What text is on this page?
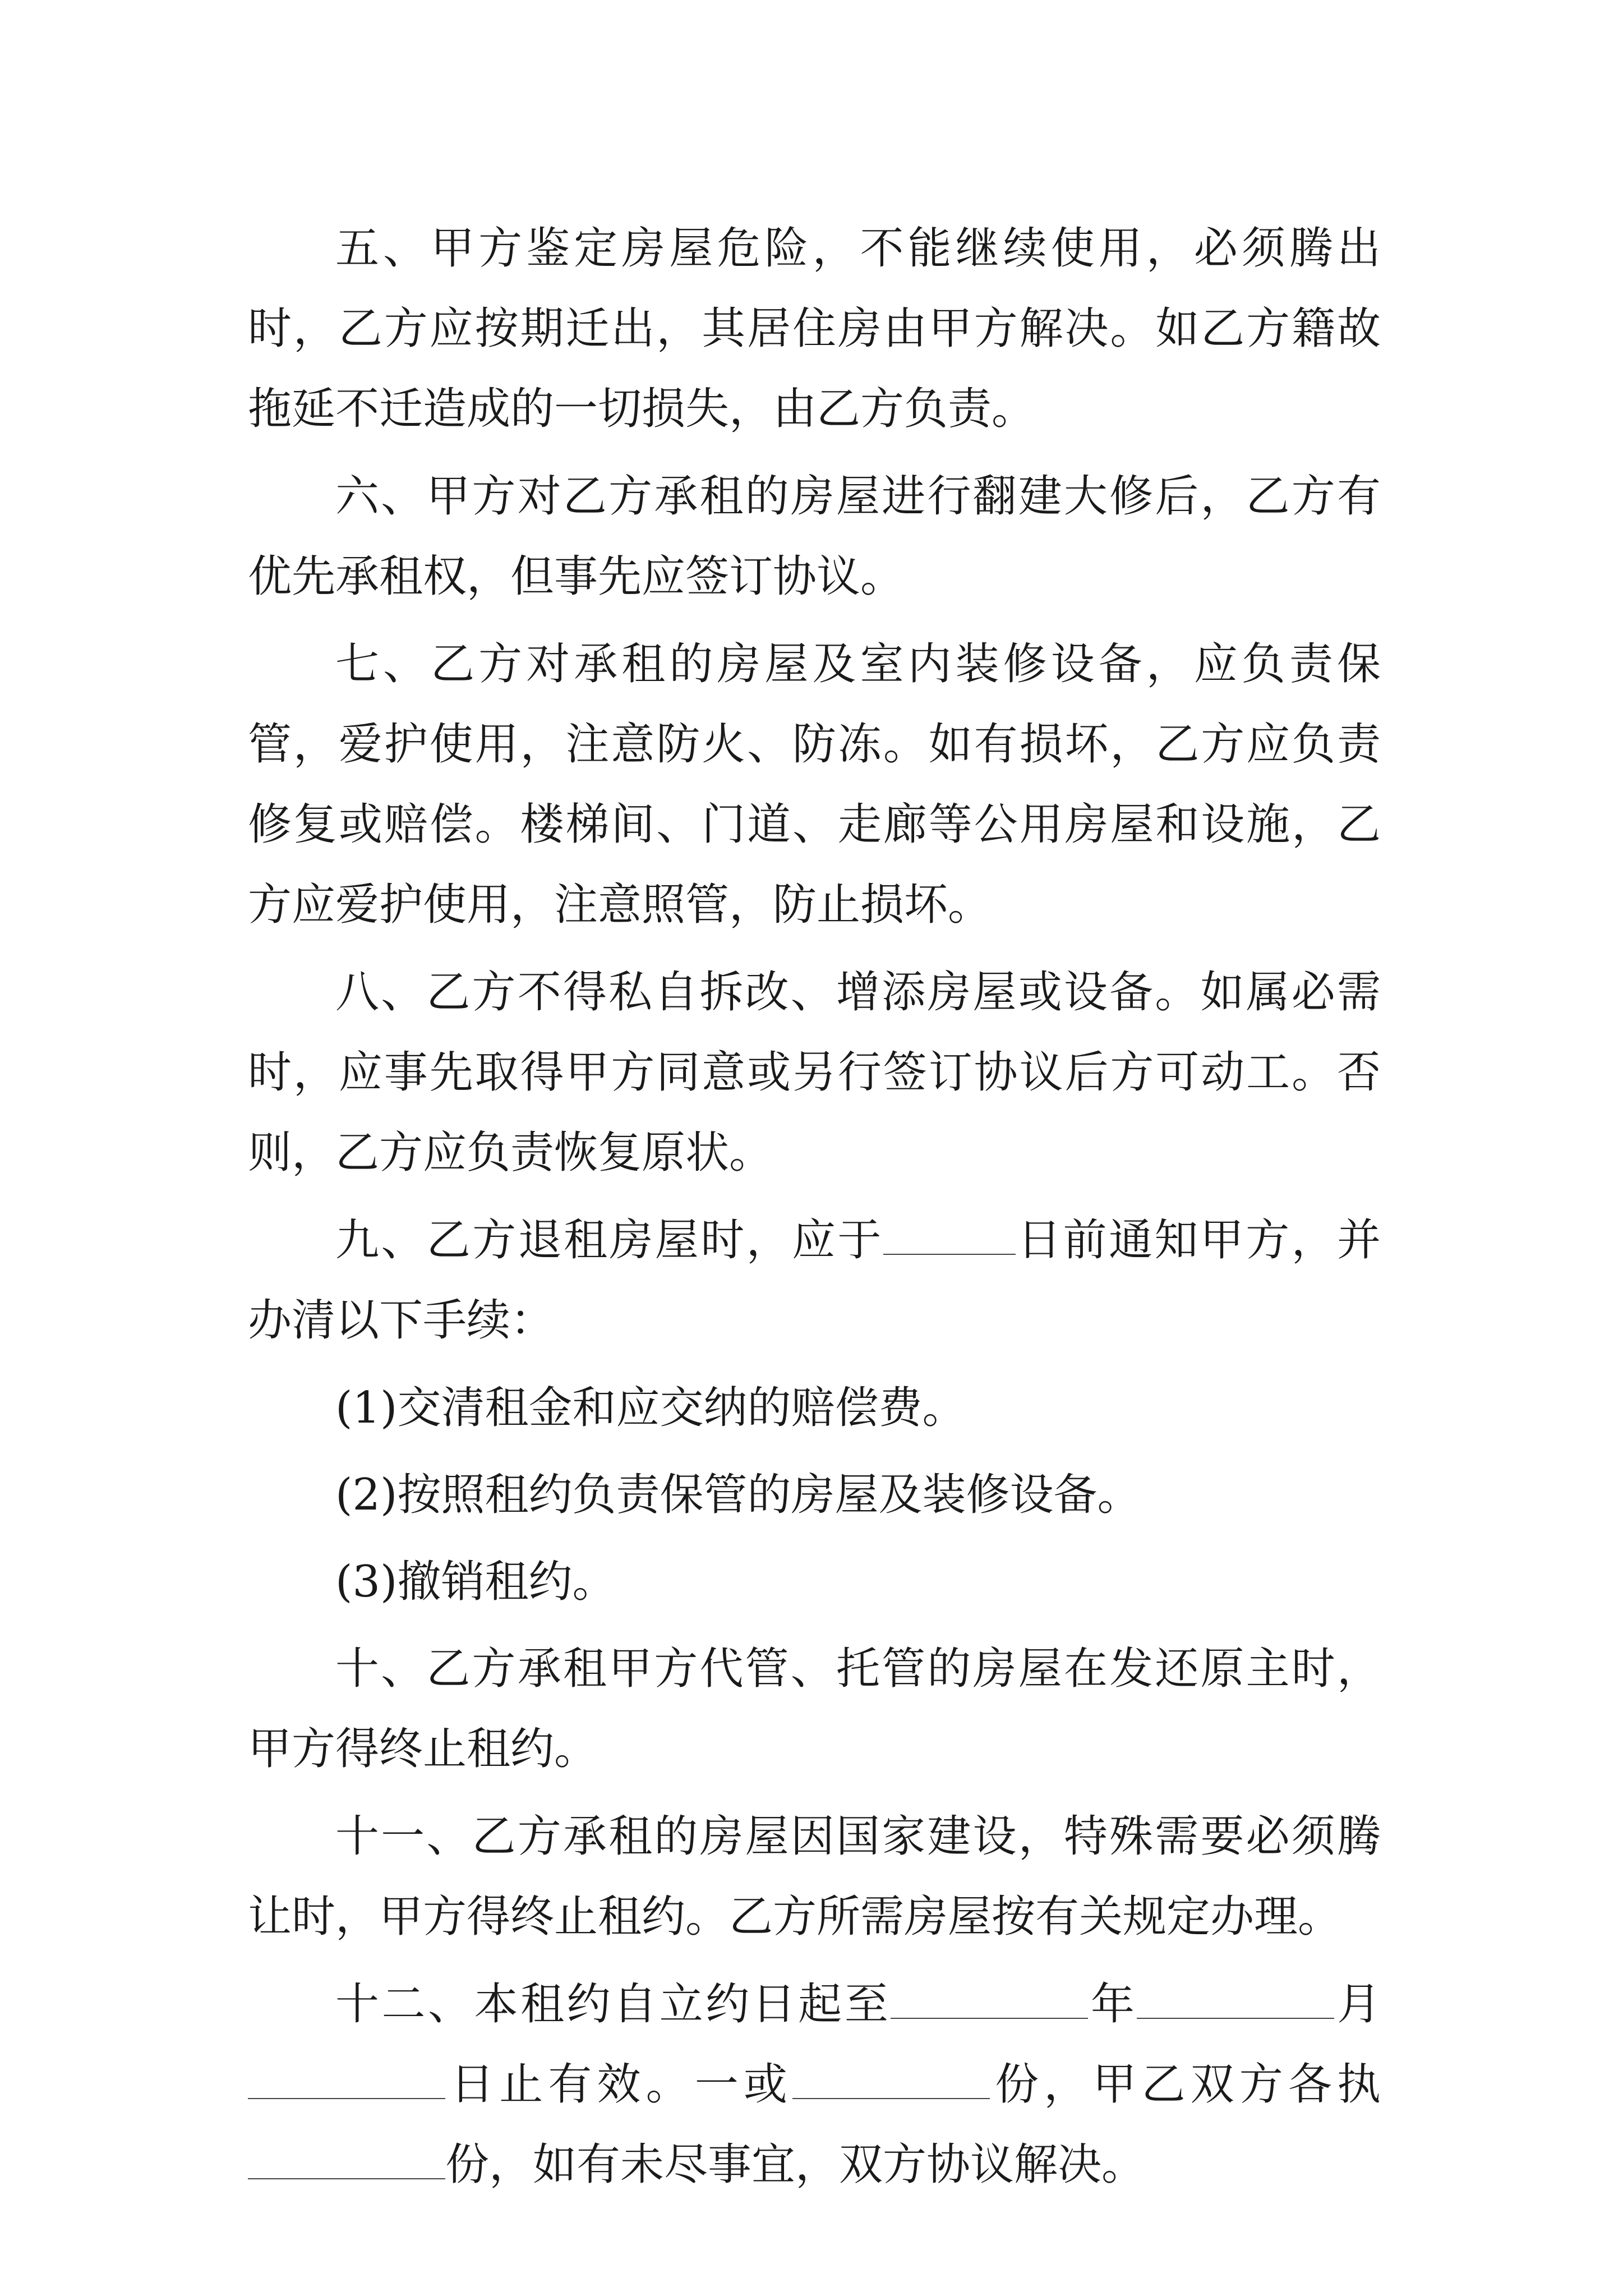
五、甲方鉴定房屋危险，不能继续使用，必须腾出时，乙方应按期迁出，其居住房由甲方解决。如乙方籍故拖延不迁造成的一切损失，由乙方负责。

六、甲方对乙方承租的房屋进行翻建大修后，乙方有优先承租权，但事先应签订协议。

七、乙方对承租的房屋及室内装修设备，应负责保管，爱护使用，注意防火、防冻。如有损坏，乙方应负责修复或赔偿。楼梯间、门道、走廊等公用房屋和设施，乙方应爱护使用，注意照管，防止损坏。

八、乙方不得私自拆改、增添房屋或设备。如属必需时，应事先取得甲方同意或另行签订协议后方可动工。否则，乙方应负责恢复原状。

九、乙方退租房屋时，应于	日前通知甲方，并办清以下手续：

(1)交清租金和应交纳的赔偿费。

(2)按照租约负责保管的房屋及装修设备。

(3)撤销租约。

十、乙方承租甲方代管、托管的房屋在发还原主时，甲方得终止租约。

十一、乙方承租的房屋因国家建设，特殊需要必须腾让时，甲方得终止租约。乙方所需房屋按有关规定办理。

十二、本租约自立约日起至	年	月日止有效。一或	份，甲乙双方各执份，如有未尽事宜，双方协议解决。
